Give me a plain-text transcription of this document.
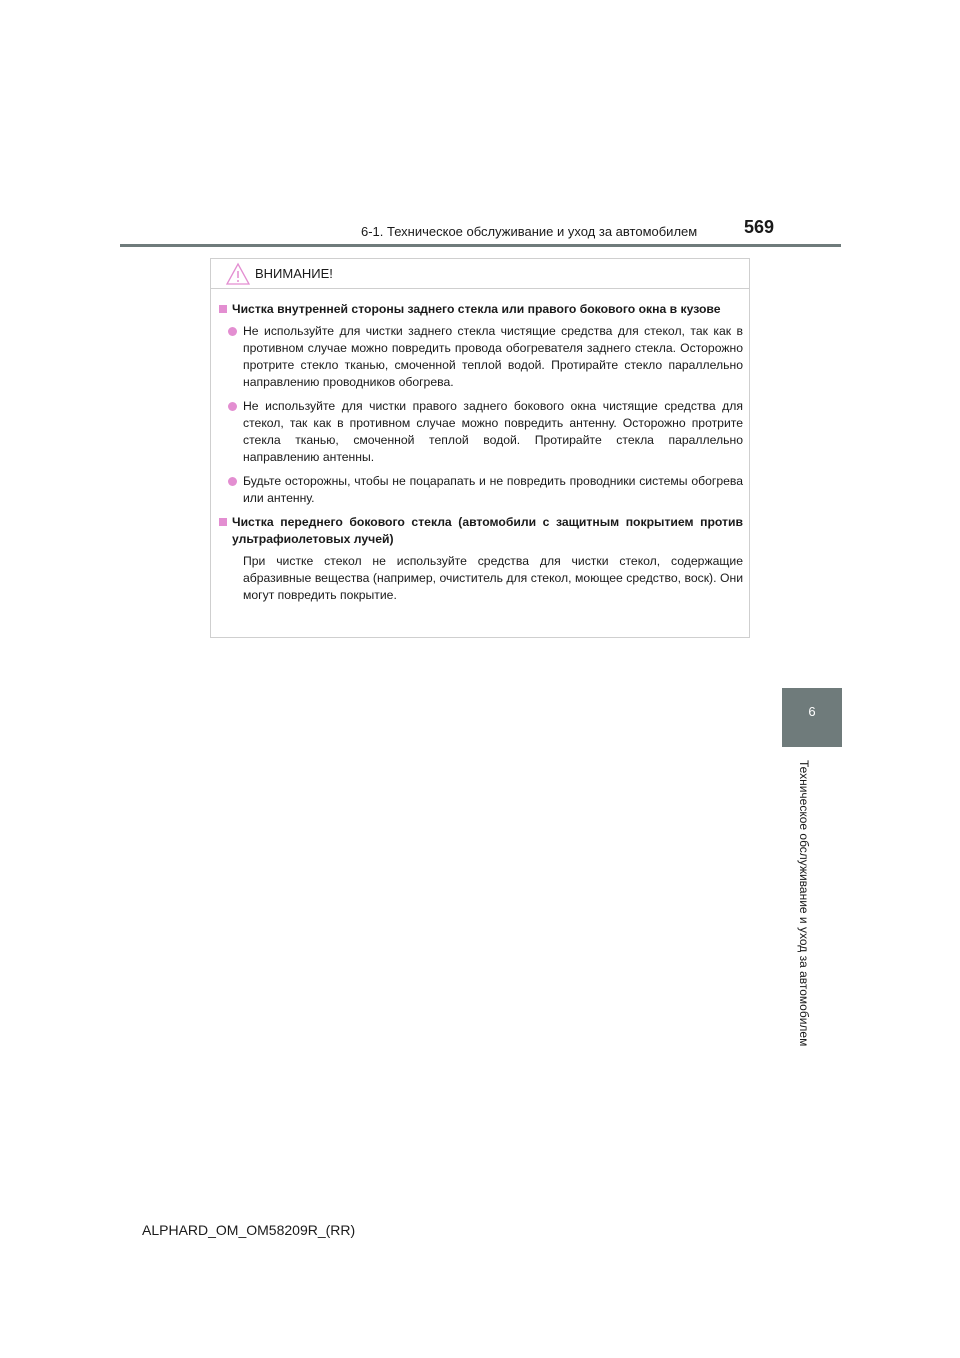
6-1. Техническое обслуживание и уход за автомобилем	569
6
Техническое обслуживание и уход за автомобилем
ВНИМАНИЕ!
Чистка внутренней стороны заднего стекла или правого бокового окна в кузове
Не используйте для чистки заднего стекла чистящие средства для стекол, так как в противном случае можно повредить провода обогревателя заднего стекла. Осторожно протрите стекло тканью, смоченной теплой водой. Протирайте стекло параллельно направлению проводников обогрева.
Не используйте для чистки правого заднего бокового окна чистящие средства для стекол, так как в противном случае можно повредить антенну. Осторожно протрите стекла тканью, смоченной теплой водой. Протирайте стекла параллельно направлению антенны.
Будьте осторожны, чтобы не поцарапать и не повредить проводники системы обогрева или антенну.
Чистка переднего бокового стекла (автомобили с защитным покрытием против ультрафиолетовых лучей)
При чистке стекол не используйте средства для чистки стекол, содержащие абразивные вещества (например, очиститель для стекол, моющее средство, воск). Они могут повредить покрытие.
ALPHARD_OM_OM58209R_(RR)
